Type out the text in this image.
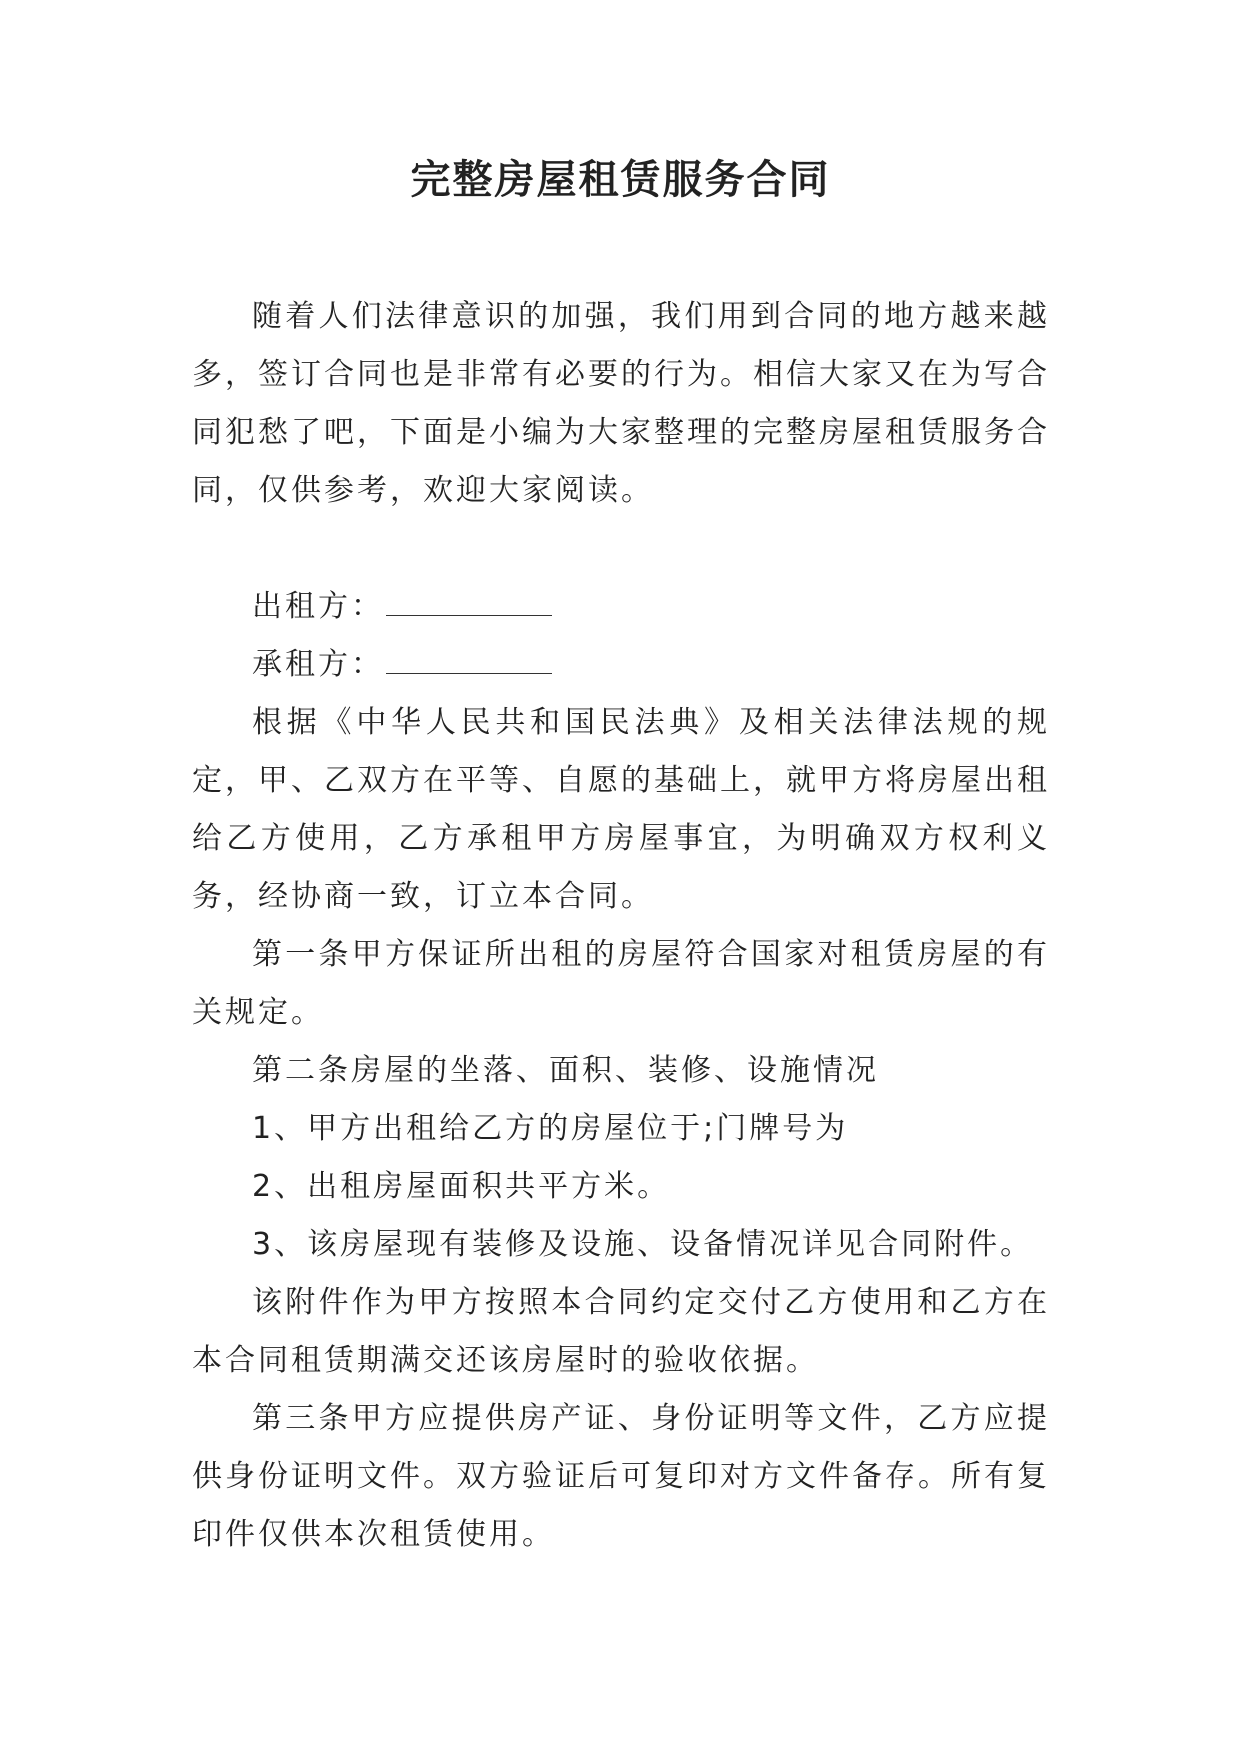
完整房屋租赁服务合同

随着人们法律意识的加强，我们用到合同的地方越来越多，签订合同也是非常有必要的行为。相信大家又在为写合同犯愁了吧，下面是小编为大家整理的完整房屋租赁服务合同，仅供参考，欢迎大家阅读。

出租方：

承租方：

根据《中华人民共和国民法典》及相关法律法规的规定，甲、乙双方在平等、自愿的基础上，就甲方将房屋出租给乙方使用，乙方承租甲方房屋事宜，为明确双方权利义务，经协商一致，订立本合同。

第一条甲方保证所出租的房屋符合国家对租赁房屋的有关规定。

第二条房屋的坐落、面积、装修、设施情况

1、甲方出租给乙方的房屋位于;门牌号为

2、出租房屋面积共平方米。

3、该房屋现有装修及设施、设备情况详见合同附件。

该附件作为甲方按照本合同约定交付乙方使用和乙方在本合同租赁期满交还该房屋时的验收依据。

第三条甲方应提供房产证、身份证明等文件，乙方应提供身份证明文件。双方验证后可复印对方文件备存。所有复印件仅供本次租赁使用。
